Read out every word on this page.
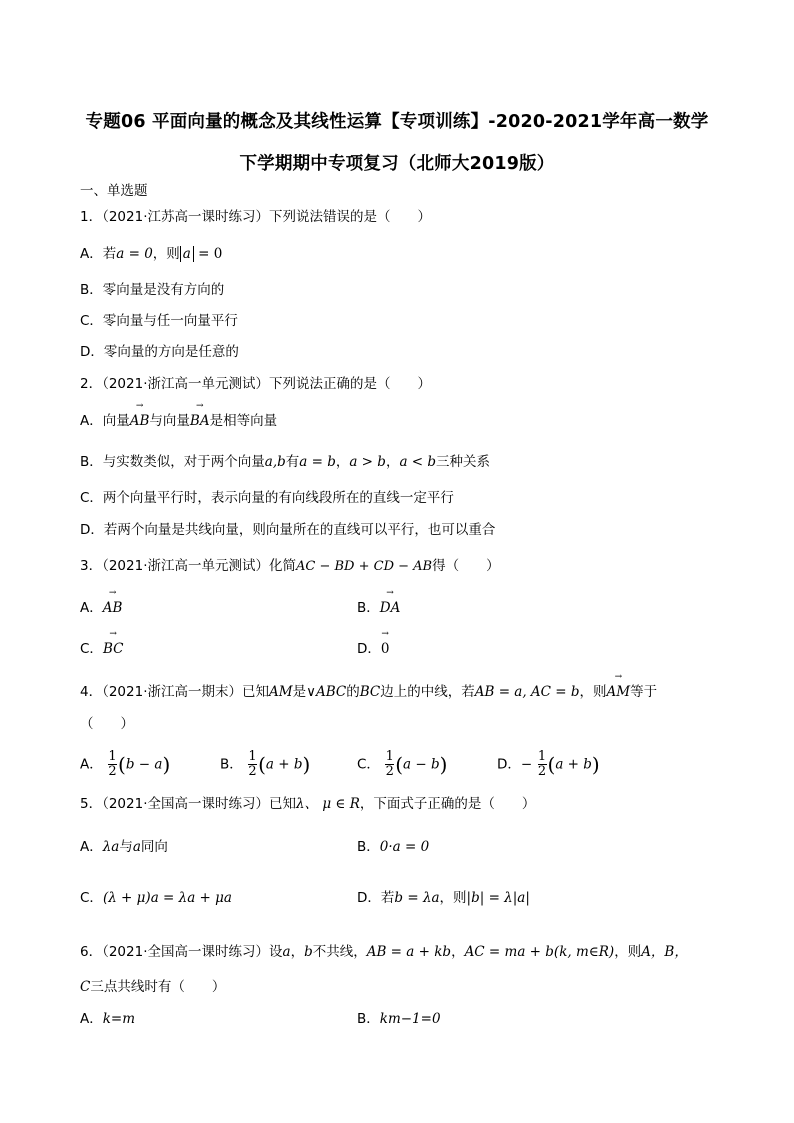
专题06 平面向量的概念及其线性运算【专项训练】-2020-2021学年高一数学
下学期期中专项复习（北师大2019版）
一、单选题
1．（2021·江苏高一课时练习）下列说法错误的是（　　）
A．若a = 0，则 a = 0
B．零向量是没有方向的
C．零向量与任一向量平行
D．零向量的方向是任意的
2．（2021·浙江高一单元测试）下列说法正确的是（　　）
A．向量→ AB与向量→ BA是相等向量
B．与实数类似，对于两个向量a,b有a = b，a > b，a < b三种关系
C．两个向量平行时，表示向量的有向线段所在的直线一定平行
D．若两个向量是共线向量，则向量所在的直线可以平行，也可以重合
3．（2021·浙江高一单元测试）化简AC − BD + CD − AB得（　　）
A．→ AB	B．→ DA
C．→ BC	D．→ 0
4．（2021·浙江高一期末）已知AM是∨ABC的BC边上的中线，若AB = a, AC = b，则→ AM等于
（　　）
A． $\frac{1}{2} (b - a)$	B． $\frac{1}{2} (a + b)$	C． $\frac{1}{2} (a - b)$	D．− $\frac{1}{2} (a + b)$
5．（2021·全国高一课时练习）已知λ、 μ ∈ R，下面式子正确的是（　　）
A．λa与a同向	B．0·a = 0
C．(λ + μ)a = λa + μa	D．若b = λa，则|b| = λ|a|
6．（2021·全国高一课时练习）设a，b不共线，AB = a + kb，AC = ma + b(k, m∈R)，则A，B，
C三点共线时有（　　）
A．k=m	B．km−1=0
